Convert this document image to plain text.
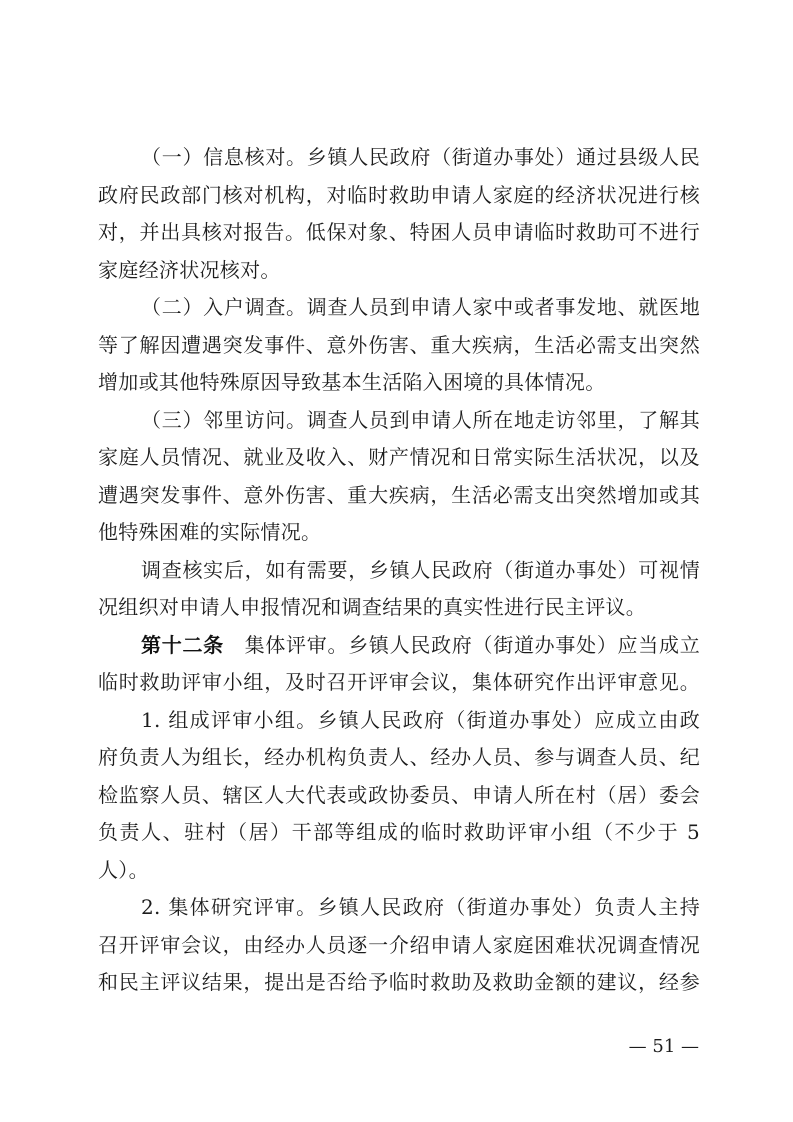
（一）信息核对。乡镇人民政府（街道办事处）通过县级人民
政府民政部门核对机构，对临时救助申请人家庭的经济状况进行核
对，并出具核对报告。低保对象、特困人员申请临时救助可不进行
家庭经济状况核对。
（二）入户调查。调查人员到申请人家中或者事发地、就医地
等了解因遭遇突发事件、意外伤害、重大疾病，生活必需支出突然
增加或其他特殊原因导致基本生活陷入困境的具体情况。
（三）邻里访问。调查人员到申请人所在地走访邻里，了解其
家庭人员情况、就业及收入、财产情况和日常实际生活状况，以及
遭遇突发事件、意外伤害、重大疾病，生活必需支出突然增加或其
他特殊困难的实际情况。
调查核实后，如有需要，乡镇人民政府（街道办事处）可视情
况组织对申请人申报情况和调查结果的真实性进行民主评议。
第十二条　集体评审。乡镇人民政府（街道办事处）应当成立
临时救助评审小组，及时召开评审会议，集体研究作出评审意见。
1. 组成评审小组。乡镇人民政府（街道办事处）应成立由政
府负责人为组长，经办机构负责人、经办人员、参与调查人员、纪
检监察人员、辖区人大代表或政协委员、申请人所在村（居）委会
负责人、驻村（居）干部等组成的临时救助评审小组（不少于 5
人）。
2. 集体研究评审。乡镇人民政府（街道办事处）负责人主持
召开评审会议，由经办人员逐一介绍申请人家庭困难状况调查情况
和民主评议结果，提出是否给予临时救助及救助金额的建议，经参
— 51 —
